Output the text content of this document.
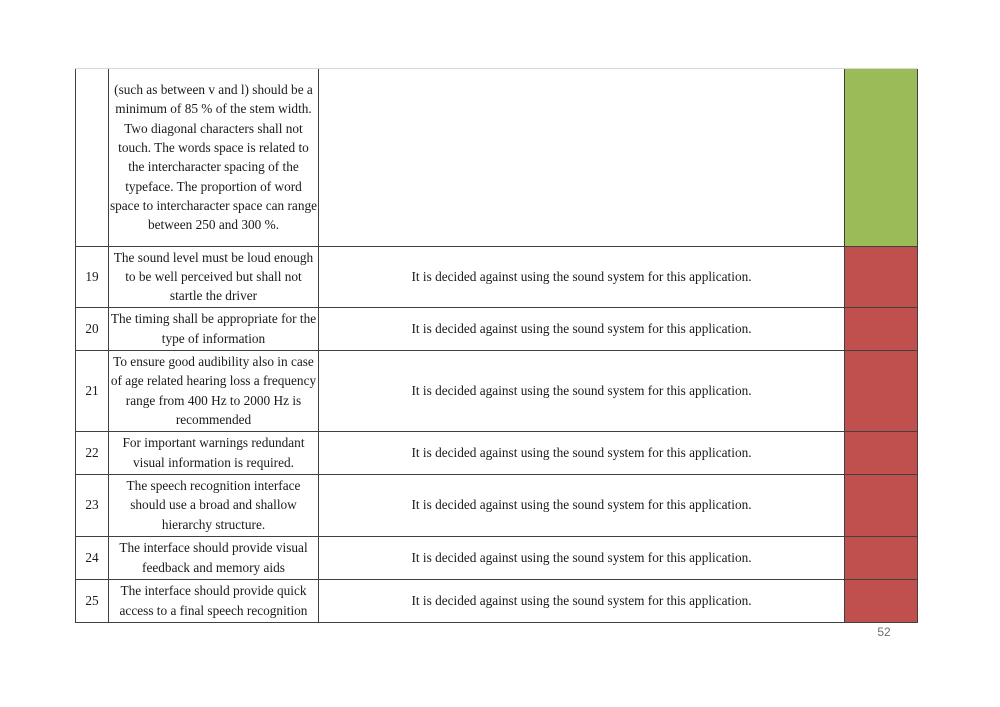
	(such as between v and l) should be a minimum of 85 % of the stem width. Two diagonal characters shall not touch. The words space is related to the intercharacter spacing of the typeface. The proportion of word space to intercharacter space can range between 250 and 300 %.		
19	The sound level must be loud enough to be well perceived but shall not startle the driver	It is decided against using the sound system for this application.	
20	The timing shall be appropriate for the type of information	It is decided against using the sound system for this application.	
21	To ensure good audibility also in case of age related hearing loss a frequency range from 400 Hz to 2000 Hz is recommended	It is decided against using the sound system for this application.	
22	For important warnings redundant visual information is required.	It is decided against using the sound system for this application.	
23	The speech recognition interface should use a broad and shallow hierarchy structure.	It is decided against using the sound system for this application.	
24	The interface should provide visual feedback and memory aids	It is decided against using the sound system for this application.	
25	The interface should provide quick access to a final speech recognition	It is decided against using the sound system for this application.	
52
